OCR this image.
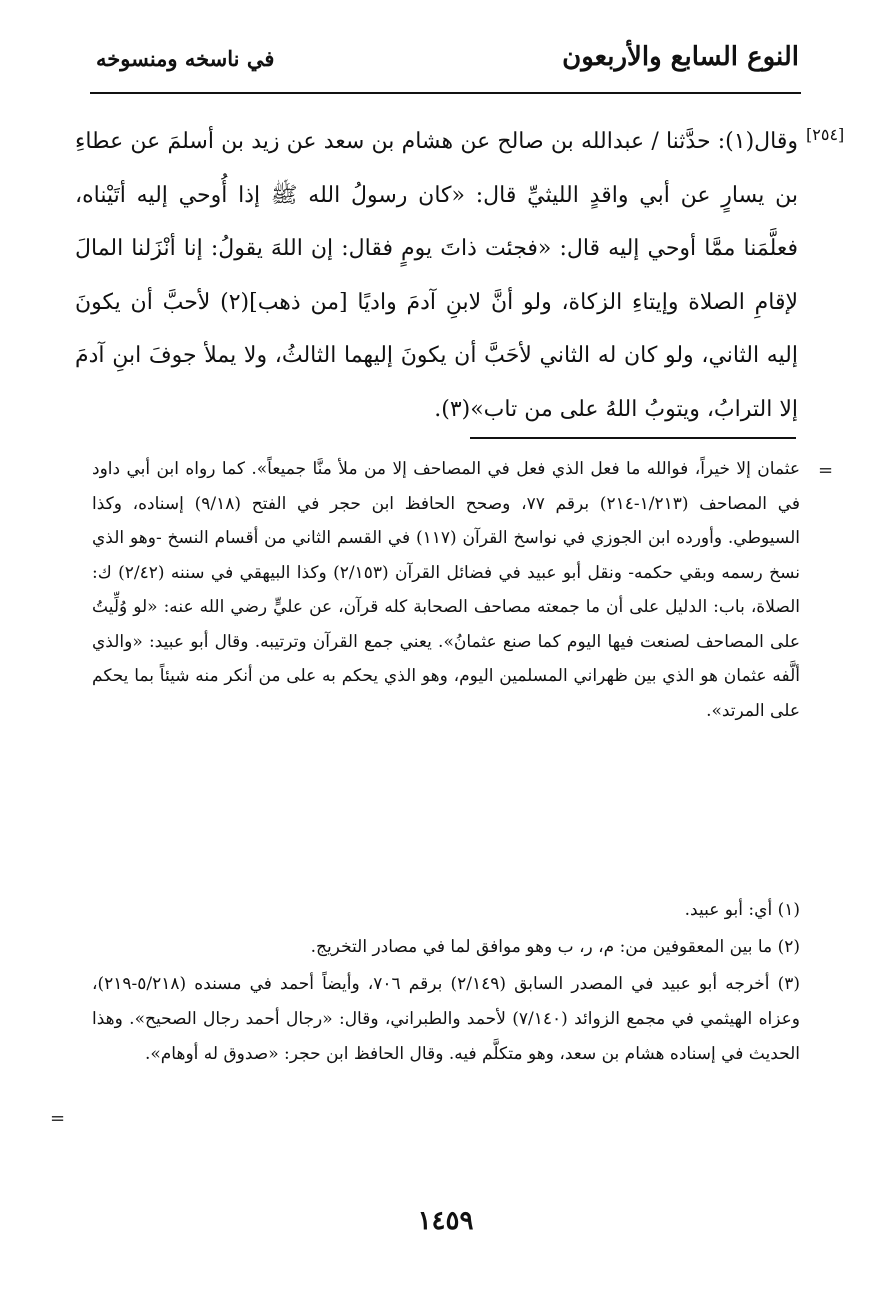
النوع السابع والأربعون
في ناسخه ومنسوخه
[٢٥٤]

وقال(١): حدَّثنا / عبدالله بن صالح عن هشام بن سعد عن زيد بن أسلمَ عن عطاءِ بن يسارٍ عن أبي واقدٍ الليثيِّ قال: «كان رسولُ الله ﷺ إذا أُوحي إليه أتَيْناه، فعلَّمَنا ممَّا أوحي إليه قال: «فجئت ذاتَ يومٍ فقال: إن اللهَ يقولُ: إنا أنْزَلنا المالَ لإقامِ الصلاة وإيتاءِ الزكاة، ولو أنَّ لابنِ آدمَ واديًا [من ذهب](٢) لأحبَّ أن يكونَ إليه الثاني، ولو كان له الثاني لأحَبَّ أن يكونَ إليهما الثالثُ، ولا يملأ جوفَ ابنِ آدمَ إلا الترابُ، ويتوبُ اللهُ على من تاب»(٣).

=

عثمان إلا خيراً، فوالله ما فعل الذي فعل في المصاحف إلا من ملأ منَّا جميعاً». كما رواه ابن أبي داود في المصاحف (١/٢١٣-٢١٤) برقم ٧٧، وصحح الحافظ ابن حجر في الفتح (٩/١٨) إسناده، وكذا السيوطي. وأورده ابن الجوزي في نواسخ القرآن (١١٧) في القسم الثاني من أقسام النسخ -وهو الذي نسخ رسمه وبقي حكمه- ونقل أبو عبيد في فضائل القرآن (٢/١٥٣) وكذا البيهقي في سننه (٢/٤٢) ك: الصلاة، باب: الدليل على أن ما جمعته مصاحف الصحابة كله قرآن، عن عليٍّ رضي الله عنه: «لو وُلِّيتُ على المصاحف لصنعت فيها اليوم كما صنع عثمانُ». يعني جمع القرآن وترتيبه. وقال أبو عبيد: «والذي ألَّفه عثمان هو الذي بين ظهراني المسلمين اليوم، وهو الذي يحكم به على من أنكر منه شيئاً بما يحكم على المرتد».

(١) أي: أبو عبيد.

(٢) ما بين المعقوفين من: م، ر، ب وهو موافق لما في مصادر التخريج.

(٣) أخرجه أبو عبيد في المصدر السابق (٢/١٤٩) برقم ٧٠٦، وأيضاً أحمد في مسنده (٥/٢١٨-٢١٩)، وعزاه الهيثمي في مجمع الزوائد (٧/١٤٠) لأحمد والطبراني، وقال: «رجال أحمد رجال الصحيح». وهذا الحديث في إسناده هشام بن سعد، وهو متكلَّم فيه. وقال الحافظ ابن حجر: «صدوق له أوهام».

=
١٤٥٩
